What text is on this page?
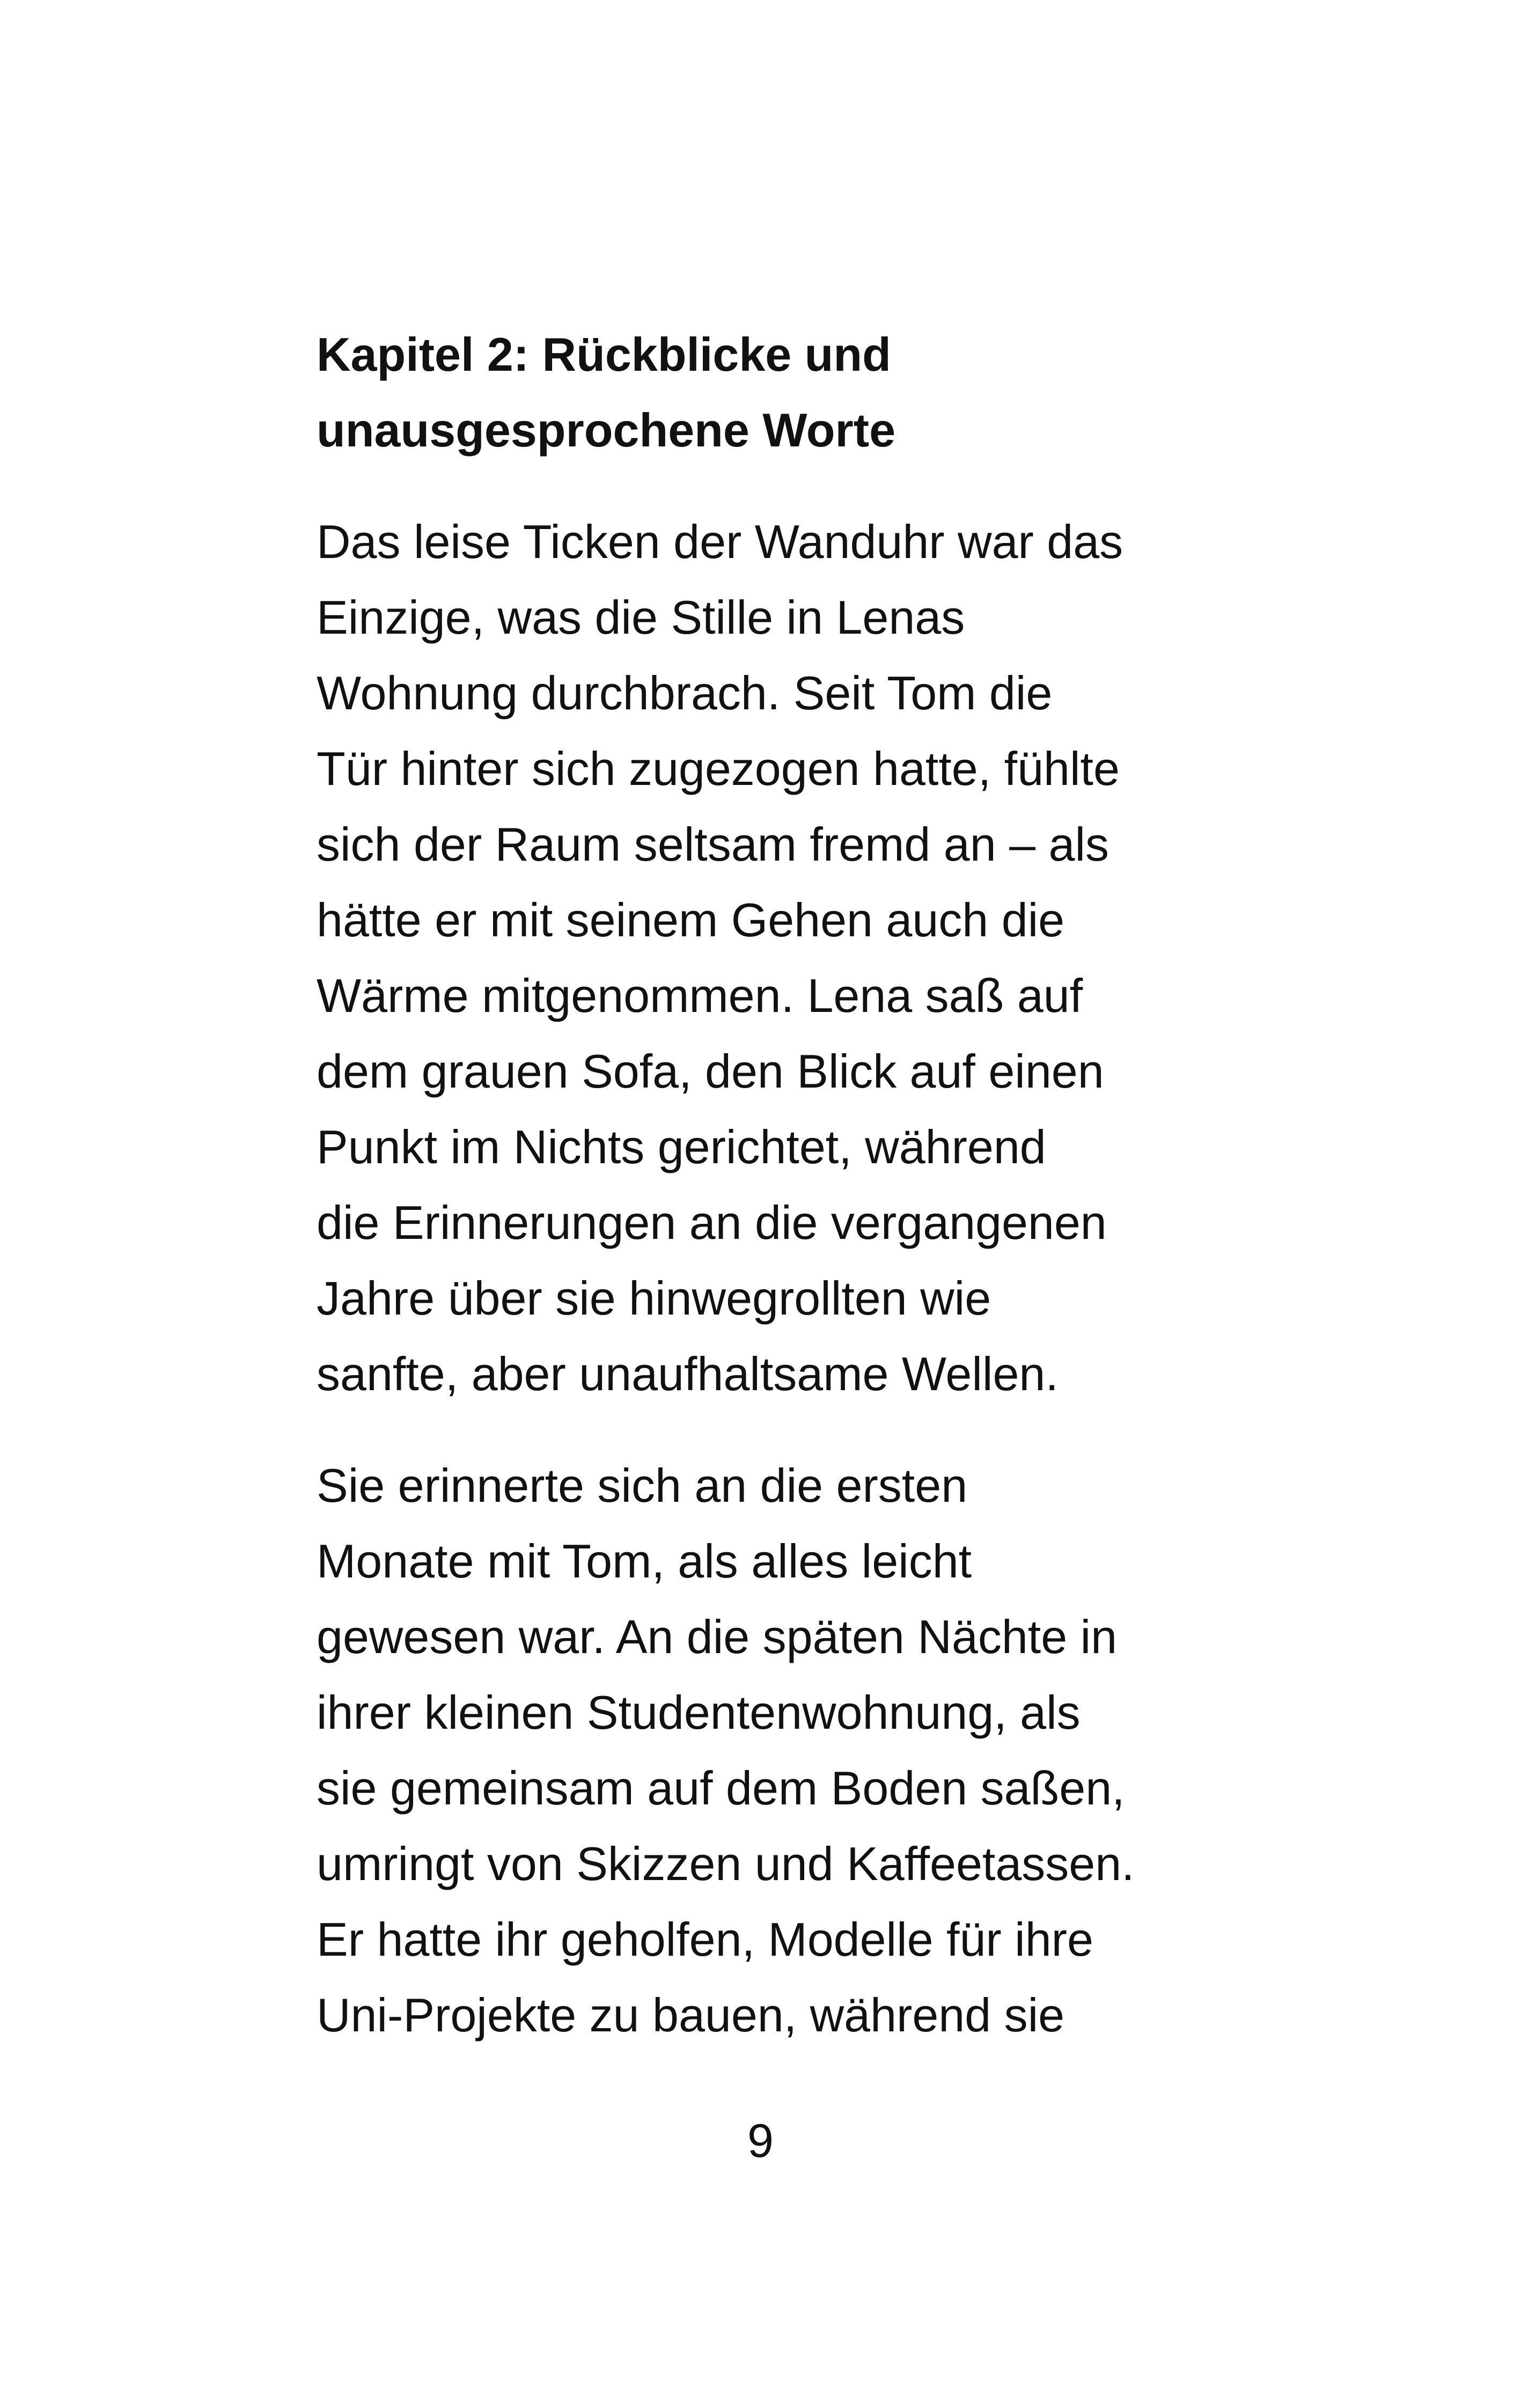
Kapitel 2: Rückblicke und
unausgesprochene Worte

Das leise Ticken der Wanduhr war das
Einzige, was die Stille in Lenas
Wohnung durchbrach. Seit Tom die
Tür hinter sich zugezogen hatte, fühlte
sich der Raum seltsam fremd an – als
hätte er mit seinem Gehen auch die
Wärme mitgenommen. Lena saß auf
dem grauen Sofa, den Blick auf einen
Punkt im Nichts gerichtet, während
die Erinnerungen an die vergangenen
Jahre über sie hinwegrollten wie
sanfte, aber unaufhaltsame Wellen.

Sie erinnerte sich an die ersten
Monate mit Tom, als alles leicht
gewesen war. An die späten Nächte in
ihrer kleinen Studentenwohnung, als
sie gemeinsam auf dem Boden saßen,
umringt von Skizzen und Kaffeetassen.
Er hatte ihr geholfen, Modelle für ihre
Uni-Projekte zu bauen, während sie

9
